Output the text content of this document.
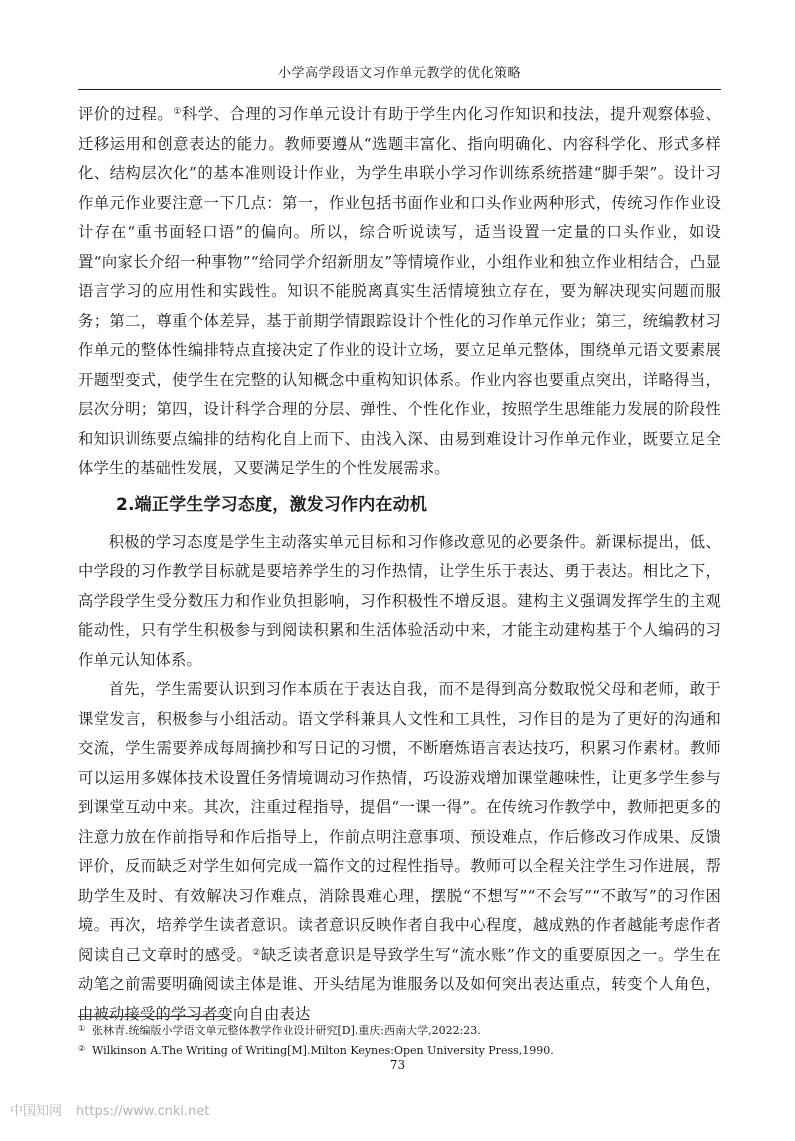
小学高学段语文习作单元教学的优化策略

评价的过程。①科学、合理的习作单元设计有助于学生内化习作知识和技法，提升观察体验、迁移运用和创意表达的能力。教师要遵从“选题丰富化、指向明确化、内容科学化、形式多样化、结构层次化”的基本准则设计作业，为学生串联小学习作训练系统搭建“脚手架”。设计习作单元作业要注意一下几点：第一，作业包括书面作业和口头作业两种形式，传统习作作业设计存在“重书面轻口语”的偏向。所以，综合听说读写，适当设置一定量的口头作业，如设置“向家长介绍一种事物”“给同学介绍新朋友”等情境作业，小组作业和独立作业相结合，凸显语言学习的应用性和实践性。知识不能脱离真实生活情境独立存在，要为解决现实问题而服务；第二，尊重个体差异，基于前期学情跟踪设计个性化的习作单元作业；第三，统编教材习作单元的整体性编排特点直接决定了作业的设计立场，要立足单元整体，围绕单元语文要素展开题型变式，使学生在完整的认知概念中重构知识体系。作业内容也要重点突出，详略得当，层次分明；第四，设计科学合理的分层、弹性、个性化作业，按照学生思维能力发展的阶段性和知识训练要点编排的结构化自上而下、由浅入深、由易到难设计习作单元作业，既要立足全体学生的基础性发展，又要满足学生的个性发展需求。

2.端正学生学习态度，激发习作内在动机

积极的学习态度是学生主动落实单元目标和习作修改意见的必要条件。新课标提出，低、中学段的习作教学目标就是要培养学生的习作热情，让学生乐于表达、勇于表达。相比之下，高学段学生受分数压力和作业负担影响，习作积极性不增反退。建构主义强调发挥学生的主观能动性，只有学生积极参与到阅读积累和生活体验活动中来，才能主动建构基于个人编码的习作单元认知体系。

首先，学生需要认识到习作本质在于表达自我，而不是得到高分数取悦父母和老师，敢于课堂发言，积极参与小组活动。语文学科兼具人文性和工具性，习作目的是为了更好的沟通和交流，学生需要养成每周摘抄和写日记的习惯，不断磨炼语言表达技巧，积累习作素材。教师可以运用多媒体技术设置任务情境调动习作热情，巧设游戏增加课堂趣味性，让更多学生参与到课堂互动中来。其次，注重过程指导，提倡“一课一得”。在传统习作教学中，教师把更多的注意力放在作前指导和作后指导上，作前点明注意事项、预设难点，作后修改习作成果、反馈评价，反而缺乏对学生如何完成一篇作文的过程性指导。教师可以全程关注学生习作进展，帮助学生及时、有效解决习作难点，消除畏难心理，摆脱“不想写”“不会写”“不敢写”的习作困境。再次，培养学生读者意识。读者意识反映作者自我中心程度，越成熟的作者越能考虑作者阅读自己文章时的感受。②缺乏读者意识是导致学生写“流水账”作文的重要原因之一。学生在动笔之前需要明确阅读主体是谁、开头结尾为谁服务以及如何突出表达重点，转变个人角色，由被动接受的学习者变向自由表达

① 张林青.统编版小学语文单元整体教学作业设计研究[D].重庆:西南大学,2022:23.
② Wilkinson A.The Writing of Writing[M].Milton Keynes:Open University Press,1990.
73
中国知网 https://www.cnki.net
